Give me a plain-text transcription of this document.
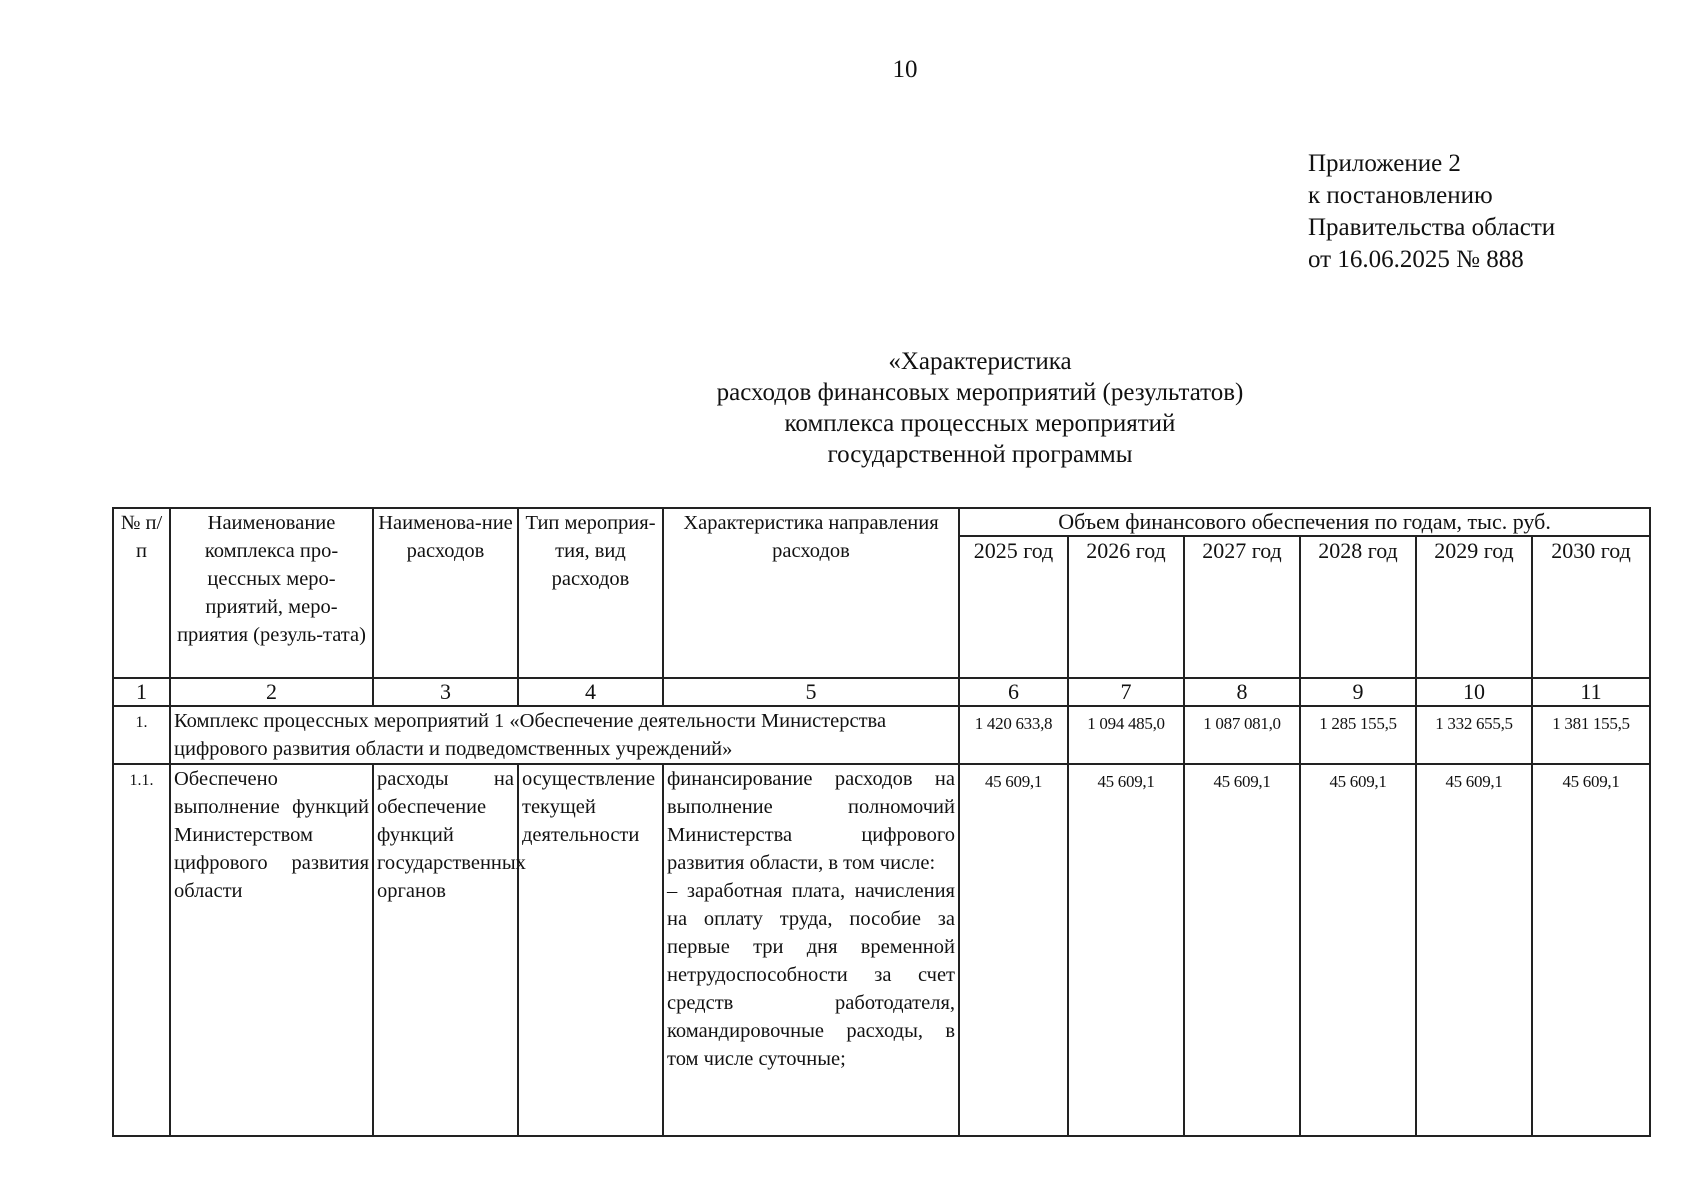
10
Приложение 2
к постановлению
Правительства области
от 16.06.2025 № 888
«Характеристика
расходов финансовых мероприятий (результатов)
комплекса процессных мероприятий
государственной программы
№ п/п	Наименование комплекса про-цессных меро-приятий, меро-приятия (резуль-тата)	Наименова-ние расходов	Тип мероприя-тия, вид расходов	Характеристика направления расходов	Объем финансового обеспечения по годам, тыс. руб.					
					2025 год	2026 год	2027 год	2028 год	2029 год	2030 год
1	2	3	4	5	6	7	8	9	10	11
1.	Комплекс процессных мероприятий 1 «Обеспечение деятельности Министерства цифрового развития области и подведомственных учреждений»				1 420 633,8	1 094 485,0	1 087 081,0	1 285 155,5	1 332 655,5	1 381 155,5
1.1.	Обеспечено выполнение функций Министерством цифрового развития области	расходы на обеспечение функций государственных органов	осуществление текущей деятельности	финансирование расходов на выполнение полномочий Министерства цифрового развития области, в том числе:
– заработная плата, начисления на оплату труда, пособие за первые три дня временной нетрудоспособности за счет средств работодателя, командировочные расходы, в том числе суточные;	45 609,1	45 609,1	45 609,1	45 609,1	45 609,1	45 609,1
